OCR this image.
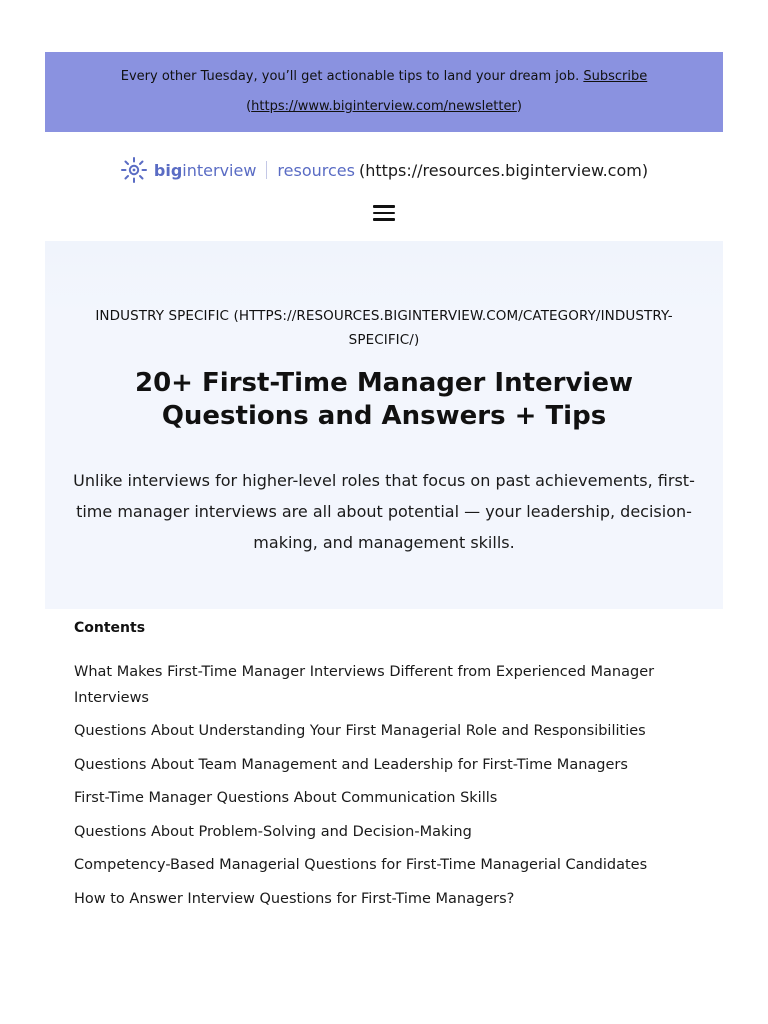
Every other Tuesday, you’ll get actionable tips to land your dream job. Subscribe
(https://www.biginterview.com/newsletter)
big interview resources (https://resources.biginterview.com)
INDUSTRY SPECIFIC (HTTPS://RESOURCES.BIGINTERVIEW.COM/CATEGORY/INDUSTRY-SPECIFIC/)
20+ First-Time Manager Interview Questions and Answers + Tips

Unlike interviews for higher-level roles that focus on past achievements, first-time manager interviews are all about potential — your leadership, decision-making, and management skills.

Contents
What Makes First-Time Manager Interviews Different from Experienced Manager Interviews
Questions About Understanding Your First Managerial Role and Responsibilities
Questions About Team Management and Leadership for First-Time Managers
First-Time Manager Questions About Communication Skills
Questions About Problem-Solving and Decision-Making
Competency-Based Managerial Questions for First-Time Managerial Candidates
How to Answer Interview Questions for First-Time Managers?
